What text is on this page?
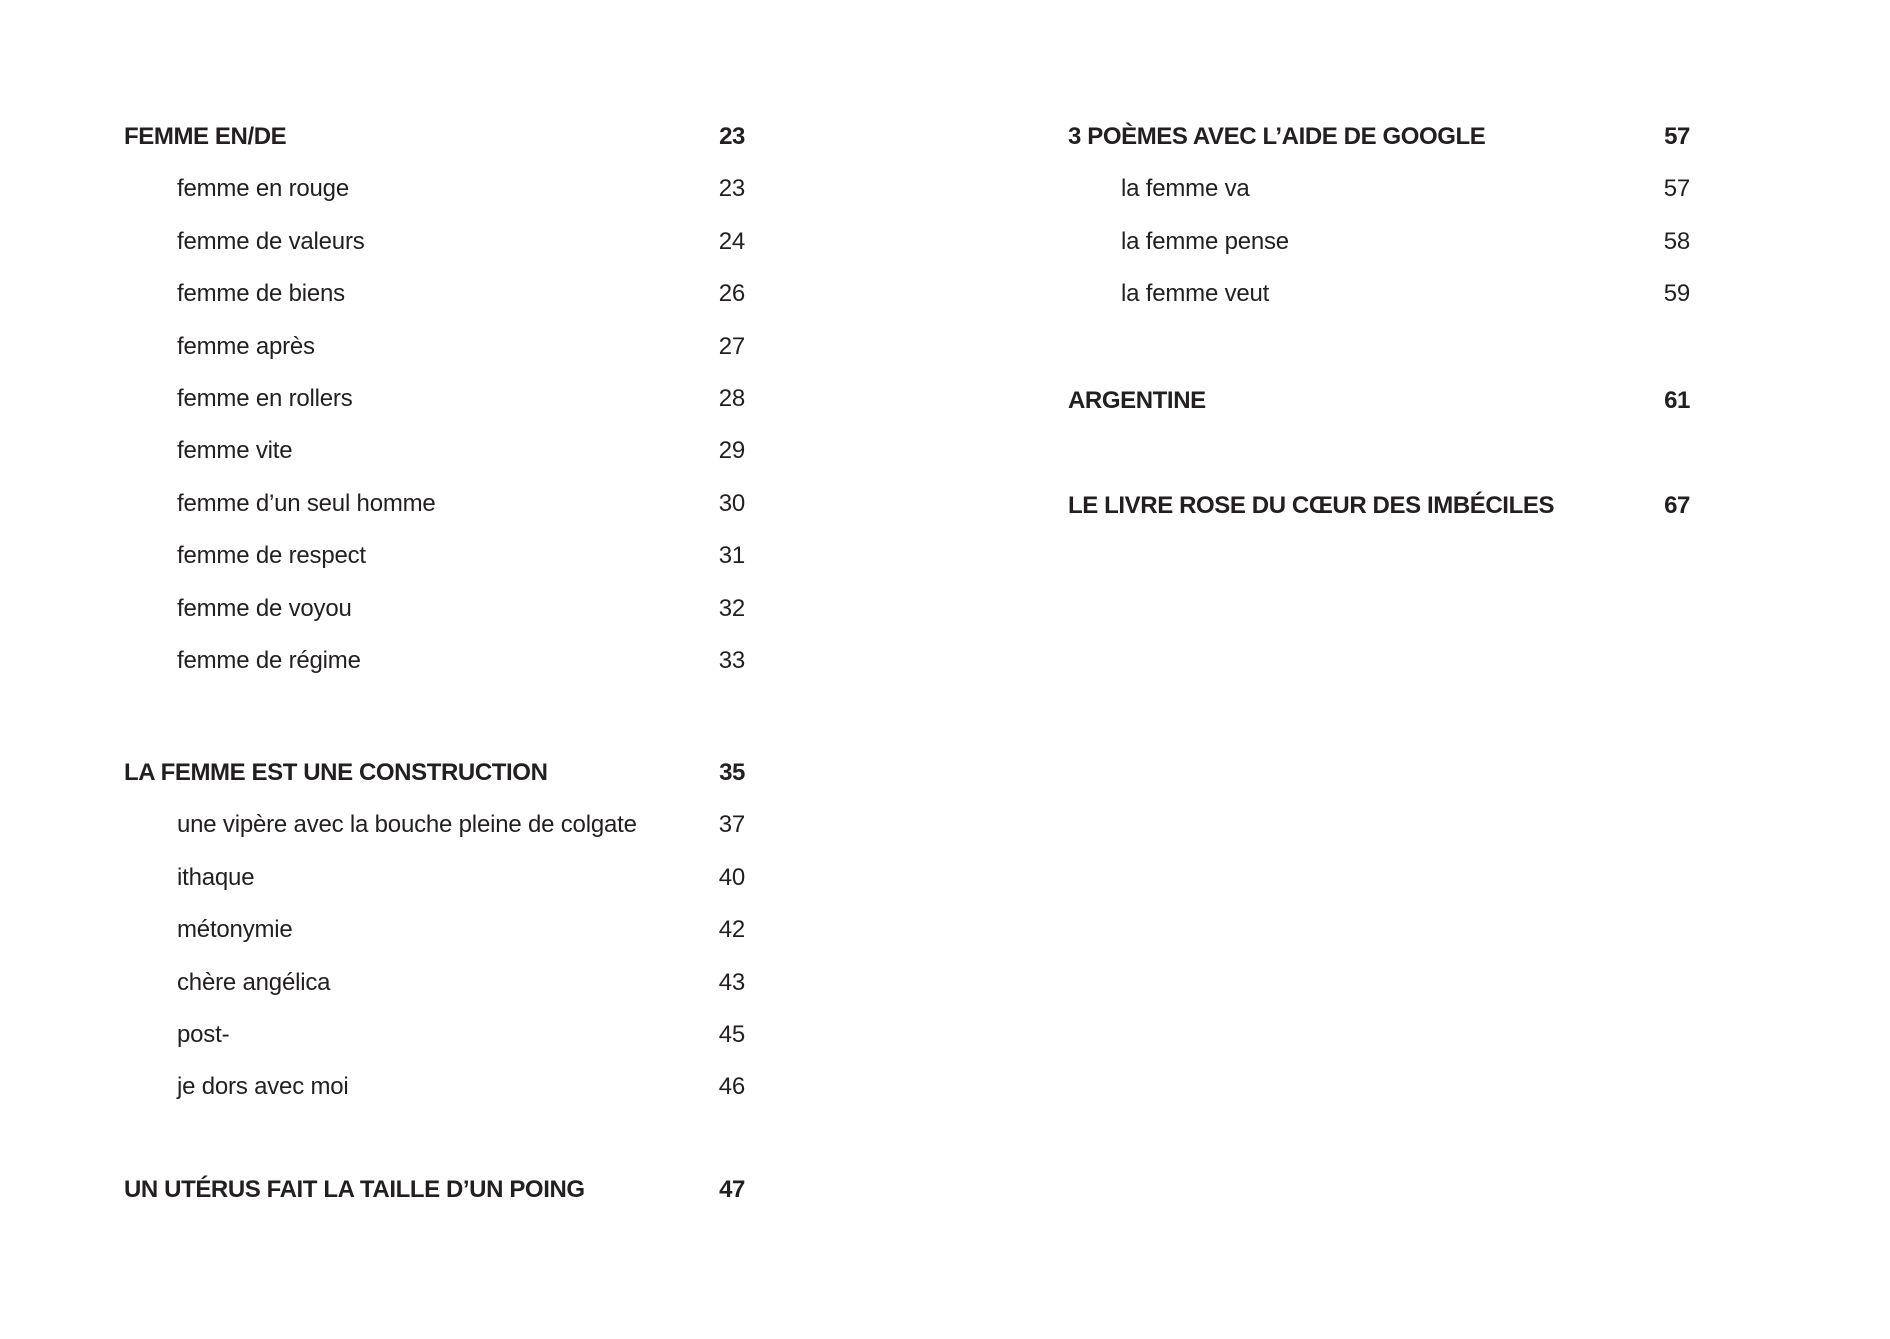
FEMME EN/DE	23
femme en rouge	23
femme de valeurs	24
femme de biens	26
femme après	27
femme en rollers	28
femme vite	29
femme d’un seul homme	30
femme de respect	31
femme de voyou	32
femme de régime	33
LA FEMME EST UNE CONSTRUCTION	35
une vipère avec la bouche pleine de colgate	37
ithaque	40
métonymie	42
chère angélica	43
post-	45
je dors avec moi	46
UN UTÉRUS FAIT LA TAILLE D’UN POING	47
3 POÈMES AVEC L’AIDE DE GOOGLE	57
la femme va	57
la femme pense	58
la femme veut	59
ARGENTINE	61
LE LIVRE ROSE DU CŒUR DES IMBÉCILES	67
